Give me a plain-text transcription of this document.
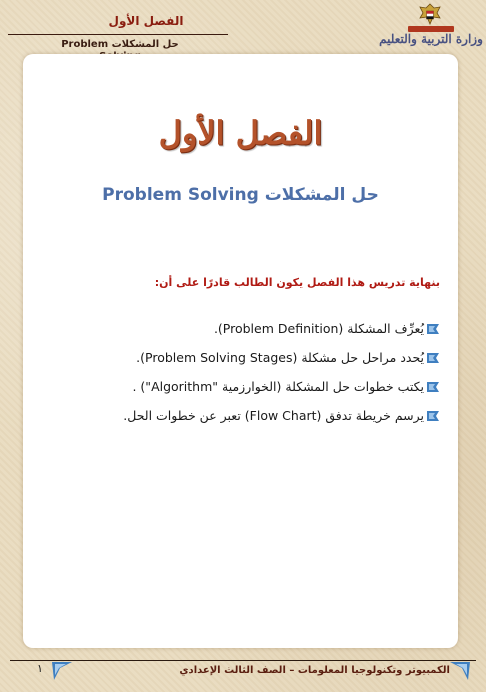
الفصل الأول
حل المشكلات Problem	وزارة التربية والتعليم
الفصل الأول
حل المشكلات Problem Solving
بنهاية تدريس هذا الفصل يكون الطالب قادرًا على أن:
يُعرِّف المشكلة (Problem Definition).
يُحدد مراحل حل مشكلة (Problem Solving Stages).
يكتب خطوات حل المشكلة (الخوارزمية "Algorithm") .
يرسم خريطة تدفق (Flow Chart) تعبر عن خطوات الحل.
١	الكمبيوتر وتكنولوجيا المعلومات – الصف الثالث الإعدادي
